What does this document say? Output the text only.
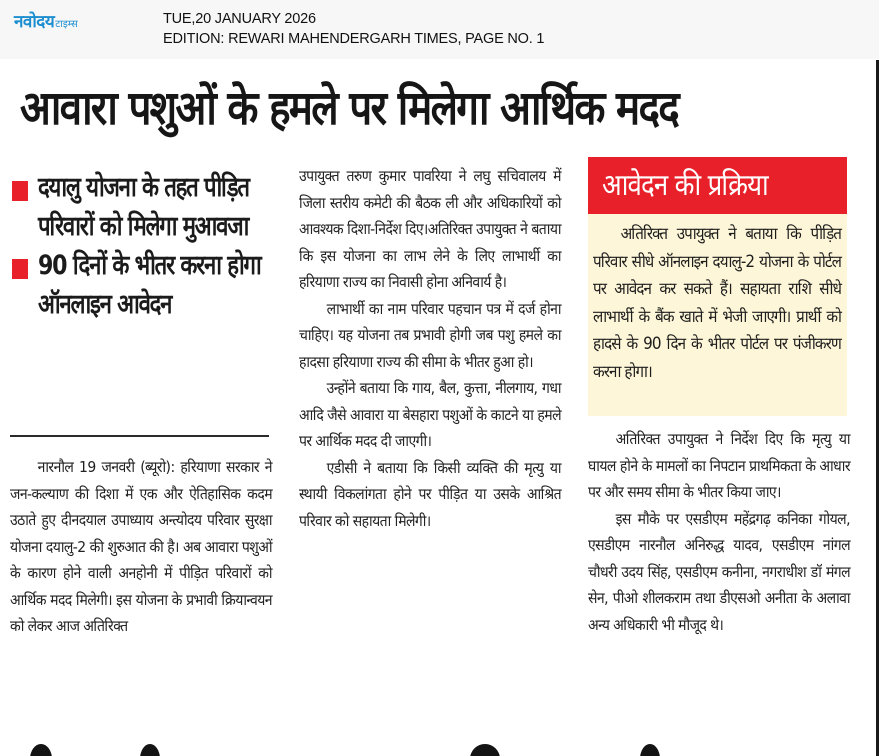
नवोदय टाइम्स	TUE,20 JANUARY 2026
EDITION: REWARI MAHENDERGARH TIMES, PAGE NO. 1
आवारा पशुओं के हमले पर मिलेगा आर्थिक मदद
दयालु योजना के तहत पीड़ित परिवारों को मिलेगा मुआवजा
90 दिनों के भीतर करना होगा ऑनलाइन आवेदन

नारनौल 19 जनवरी (ब्यूरो): हरियाणा सरकार ने जन-कल्याण की दिशा में एक और ऐतिहासिक कदम उठाते हुए दीनदयाल उपाध्याय अन्त्योदय परिवार सुरक्षा योजना दयालु-2 की शुरुआत की है। अब आवारा पशुओं के कारण होने वाली अनहोनी में पीड़ित परिवारों को आर्थिक मदद मिलेगी। इस योजना के प्रभावी क्रियान्वयन को लेकर आज अतिरिक्त

उपायुक्त तरुण कुमार पावरिया ने लघु सचिवालय में जिला स्तरीय कमेटी की बैठक ली और अधिकारियों को आवश्यक दिशा-निर्देश दिए।अतिरिक्त उपायुक्त ने बताया कि इस योजना का लाभ लेने के लिए लाभार्थी का हरियाणा राज्य का निवासी होना अनिवार्य है।

लाभार्थी का नाम परिवार पहचान पत्र में दर्ज होना चाहिए। यह योजना तब प्रभावी होगी जब पशु हमले का हादसा हरियाणा राज्य की सीमा के भीतर हुआ हो।

उन्होंने बताया कि गाय, बैल, कुत्ता, नीलगाय, गधा आदि जैसे आवारा या बेसहारा पशुओं के काटने या हमले पर आर्थिक मदद दी जाएगी।

एडीसी ने बताया कि किसी व्यक्ति की मृत्यु या स्थायी विकलांगता होने पर पीड़ित या उसके आश्रित परिवार को सहायता मिलेगी।

आवेदन की प्रक्रिया

अतिरिक्त उपायुक्त ने बताया कि पीड़ित परिवार सीधे ऑनलाइन दयालु-2 योजना के पोर्टल पर आवेदन कर सकते हैं। सहायता राशि सीधे लाभार्थी के बैंक खाते में भेजी जाएगी। प्रार्थी को हादसे के 90 दिन के भीतर पोर्टल पर पंजीकरण करना होगा।

अतिरिक्त उपायुक्त ने निर्देश दिए कि मृत्यु या घायल होने के मामलों का निपटान प्राथमिकता के आधार पर और समय सीमा के भीतर किया जाए।

इस मौके पर एसडीएम महेंद्रगढ़ कनिका गोयल, एसडीएम नारनौल अनिरुद्ध यादव, एसडीएम नांगल चौधरी उदय सिंह, एसडीएम कनीना, नगराधीश डॉ मंगल सेन, पीओ शीलकराम तथा डीएसओ अनीता के अलावा अन्य अधिकारी भी मौजूद थे।
